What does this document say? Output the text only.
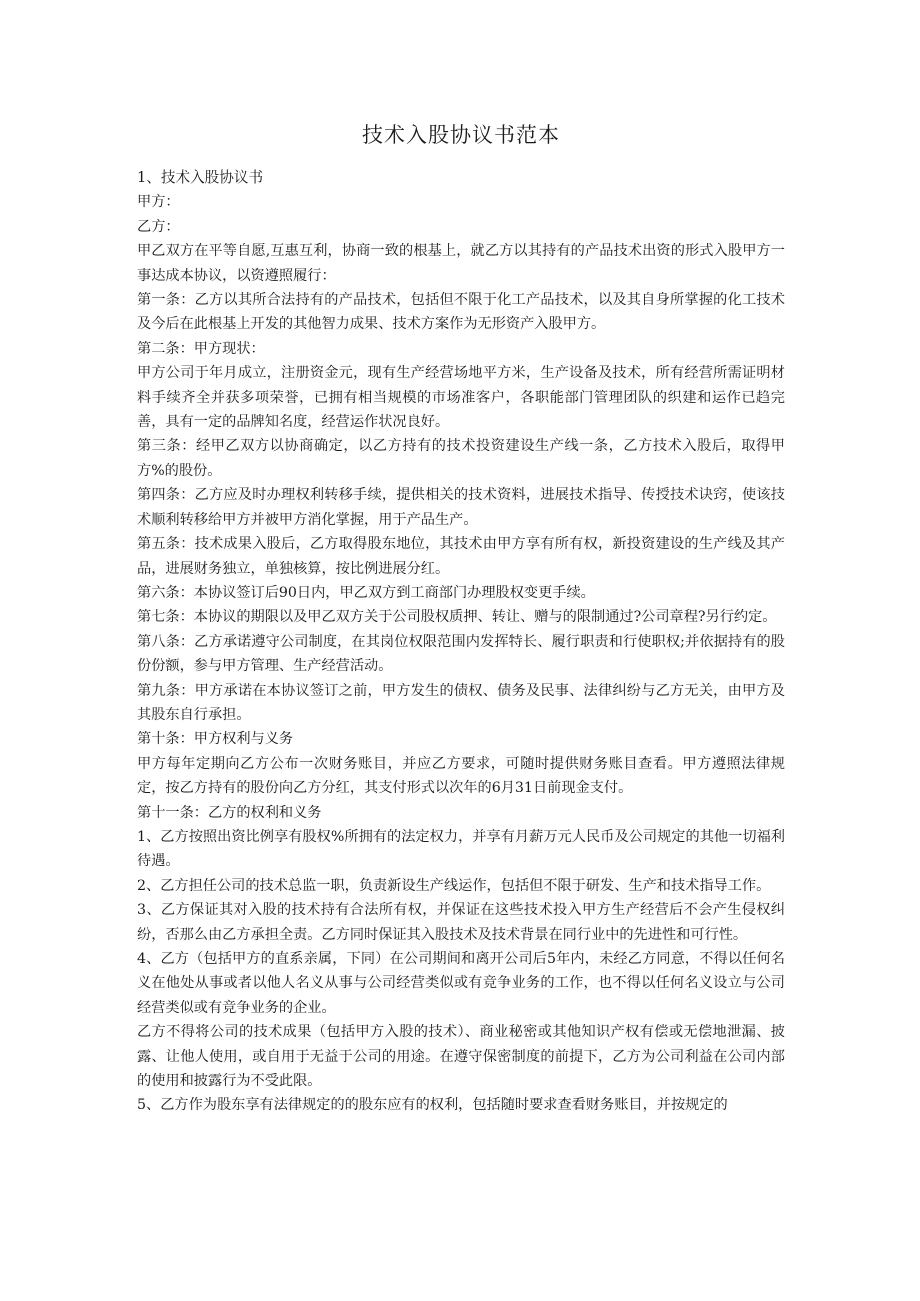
技术入股协议书范本

1、技术入股协议书

甲方：

乙方：

甲乙双方在平等自愿,互惠互利，协商一致的根基上，就乙方以其持有的产品技术出资的形式入股甲方一事达成本协议，以资遵照履行：

第一条：乙方以其所合法持有的产品技术，包括但不限于化工产品技术，以及其自身所掌握的化工技术及今后在此根基上开发的其他智力成果、技术方案作为无形资产入股甲方。

第二条：甲方现状：

甲方公司于年月成立，注册资金元，现有生产经营场地平方米，生产设备及技术，所有经营所需证明材料手续齐全并获多项荣誉，已拥有相当规模的市场准客户，各职能部门管理团队的织建和运作已趋完善，具有一定的品牌知名度，经营运作状况良好。

第三条：经甲乙双方以协商确定，以乙方持有的技术投资建设生产线一条，乙方技术入股后，取得甲方%的股份。

第四条：乙方应及时办理权利转移手续，提供相关的技术资料，进展技术指导、传授技术诀窍，使该技术顺利转移给甲方并被甲方消化掌握，用于产品生产。

第五条：技术成果入股后，乙方取得股东地位，其技术由甲方享有所有权，新投资建设的生产线及其产品，进展财务独立，单独核算，按比例进展分红。

第六条：本协议签订后90日内，甲乙双方到工商部门办理股权变更手续。

第七条：本协议的期限以及甲乙双方关于公司股权质押、转让、赠与的限制通过?公司章程?另行约定。

第八条：乙方承诺遵守公司制度，在其岗位权限范围内发挥特长、履行职责和行使职权;并依据持有的股份份额，参与甲方管理、生产经营活动。

第九条：甲方承诺在本协议签订之前，甲方发生的债权、债务及民事、法律纠纷与乙方无关，由甲方及其股东自行承担。

第十条：甲方权利与义务

甲方每年定期向乙方公布一次财务账目，并应乙方要求，可随时提供财务账目查看。甲方遵照法律规定，按乙方持有的股份向乙方分红，其支付形式以次年的6月31日前现金支付。

第十一条：乙方的权利和义务

1、乙方按照出资比例享有股权%所拥有的法定权力，并享有月薪万元人民币及公司规定的其他一切福利待遇。

2、乙方担任公司的技术总监一职，负责新设生产线运作，包括但不限于研发、生产和技术指导工作。

3、乙方保证其对入股的技术持有合法所有权，并保证在这些技术投入甲方生产经营后不会产生侵权纠纷，否那么由乙方承担全责。乙方同时保证其入股技术及技术背景在同行业中的先进性和可行性。

4、乙方（包括甲方的直系亲属，下同）在公司期间和离开公司后5年内，未经乙方同意，不得以任何名义在他处从事或者以他人名义从事与公司经营类似或有竞争业务的工作，也不得以任何名义设立与公司经营类似或有竞争业务的企业。

乙方不得将公司的技术成果（包括甲方入股的技术）、商业秘密或其他知识产权有偿或无偿地泄漏、披露、让他人使用，或自用于无益于公司的用途。在遵守保密制度的前提下，乙方为公司利益在公司内部的使用和披露行为不受此限。

5、乙方作为股东享有法律规定的的股东应有的权利，包括随时要求查看财务账目，并按规定的
